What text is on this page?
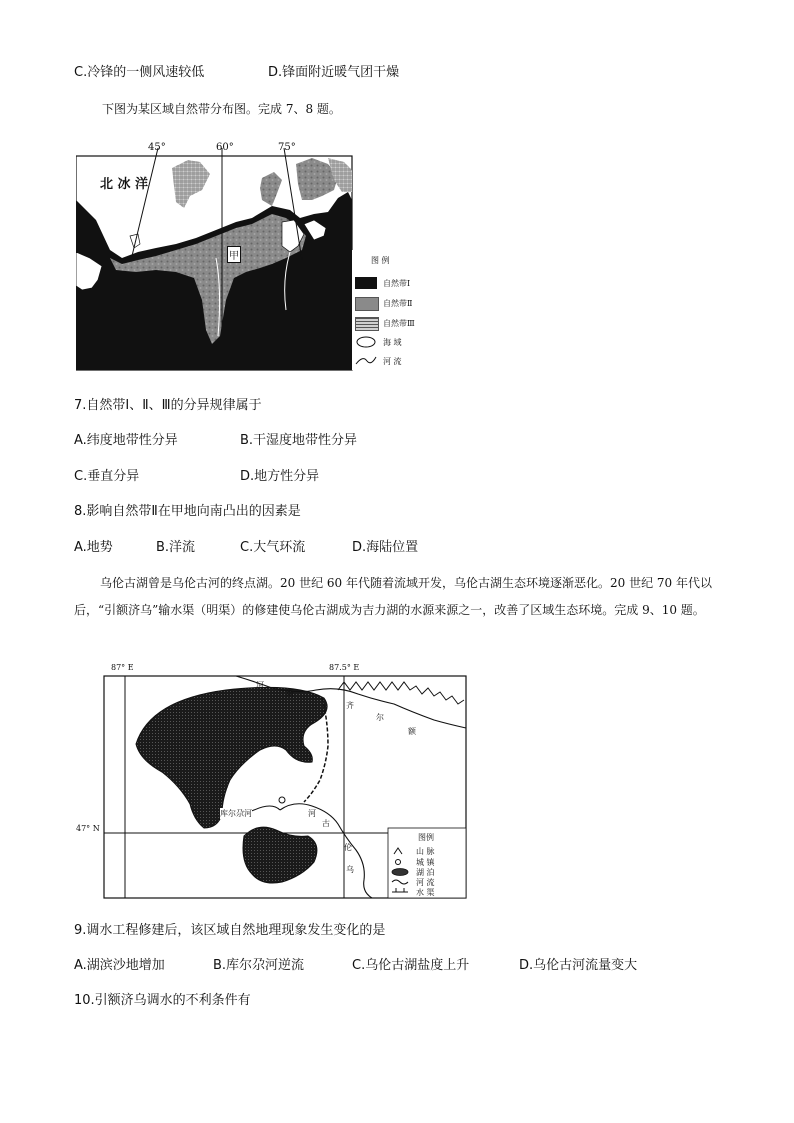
C.冷锋的一侧风速较低	D.锋面附近暖气团干燥
下图为某区域自然带分布图。完成 7、8 题。
45°	60°	75°
北 冰 洋
甲	图 例
自然带Ⅰ
自然带Ⅱ
自然带Ⅲ
海 域
河 流
7.自然带Ⅰ、Ⅱ、Ⅲ的分异规律属于
A.纬度地带性分异	B.干湿度地带性分异
C.垂直分异	D.地方性分异
8.影响自然带Ⅱ在甲地向南凸出的因素是
A.地势	B.洋流	C.大气环流	D.海陆位置
乌伦古湖曾是乌伦古河的终点湖。20 世纪 60 年代随着流域开发，乌伦古湖生态环境逐渐恶化。20 世纪 70 年代以后，“引额济乌”输水渠（明渠）的修建使乌伦古湖成为吉力湖的水源来源之一，改善了区域生态环境。完成 9、10 题。
87° E	87.5° E
47° N
河
斯
齐
尔
额
库尔尕河	河
古
伦
乌
图例
山 脉
城 镇
湖 泊
河 流
水 渠
9.调水工程修建后，该区域自然地理现象发生变化的是
A.湖滨沙地增加	B.库尔尕河逆流	C.乌伦古湖盐度上升	D.乌伦古河流量变大
10.引额济乌调水的不利条件有
